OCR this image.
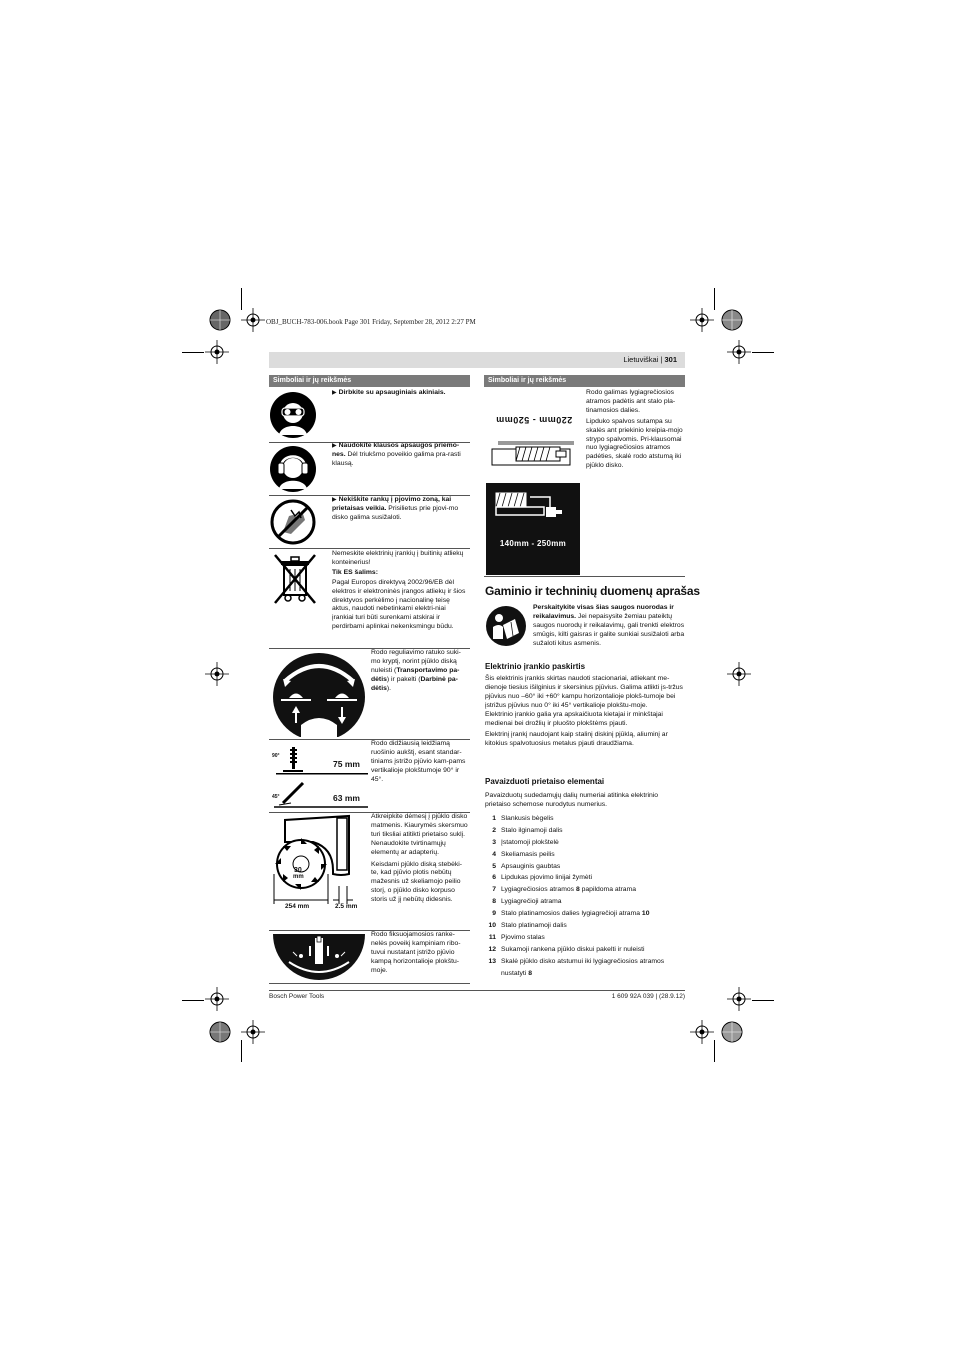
OBJ_BUCH-783-006.book Page 301 Friday, September 28, 2012 2:27 PM
Lietuviškai | 301
Simboliai ir jų reikšmės
▶ Dirbkite su apsauginiais akiniais.
▶ Naudokite klausos apsaugos priemo-nes. Dėl triukšmo poveikio galima pra-rasti klausą.
▶ Nekiškite rankų į pjovimo zoną, kai prietaisas veikia. Prisilietus prie pjovi-mo disko galima susižaloti.
Nemeskite elektrinių įrankių į buitinių atliekų konteinerius!
Tik ES šalims:
Pagal Europos direktyvą 2002/96/EB dėl elektros ir elektroninės įrangos atliekų ir šios direktyvos perkėlimo į nacionalinę teisę aktus, naudoti nebetinkami elektri-niai įrankiai turi būti surenkami atskirai ir perdirbami aplinkai nekenksmingu būdu.
Rodo reguliavimo ratuko suki-mo kryptį, norint pjūklo diską nuleisti (Transportavimo pa-dėtis) ir pakelti (Darbinė pa-dėtis).
90°
75 mm
45°	63 mm
Rodo didžiausią leidžiamą ruošinio aukštį, esant standar-tiniams įstrižo pjūvio kam-pams vertikalioje plokštumoje 90° ir 45°.
30
mm
254 mm	2.5 mm
Atkreipkite dėmesį į pjūklo disko matmenis. Kiaurymės skersmuo turi tiksliai atitikti prietaiso suklį. Nenaudokite tvirtinamųjų elementų ar adapterių.
Keisdami pjūklo diską stebėki-te, kad pjūvio plotis nebūtų mažesnis už skeliamojo peilio storį, o pjūklo disko korpuso storis už jį nebūtų didesnis.
Rodo fiksuojamosios ranke-nelės poveikį kampiniam ribo-tuvui nustatant įstrižo pjūvio kampą horizontalioje plokštu-moje.
Simboliai ir jų reikšmės
220mm - 520mm
140mm - 250mm
Rodo galimas lygiagrečiosios atramos padėtis ant stalo pla-tinamosios dalies.
Lipduko spalvos sutampa su skalės ant priekinio kreipia-mojo strypo spalvomis. Pri-klausomai nuo lygiagrečiosios atramos padėties, skalė rodo atstumą iki pjūklo disko.
Gaminio ir techninių duomenų aprašas
Perskaitykite visas šias saugos nuorodas ir reikalavimus. Jei nepaisysite žemiau pateiktų saugos nuorodų ir reikalavimų, gali trenkti elektros smūgis, kilti gaisras ir galite sunkiai susižaloti arba sužaloti kitus asmenis.
Elektrinio įrankio paskirtis
Šis elektrinis įrankis skirtas naudoti stacionariai, atliekant me-dienoje tiesius išilginius ir skersinius pjūvius. Galima atlikti įs-tržus pjūvius nuo –60° iki +60° kampu horizontalioje plokš-tumoje bei įstrižus pjūvius nuo 0° iki 45° vertikalioje plokštu-moje.
Elektrinio įrankio galia yra apskaičiuota kietajai ir minkštajai medienai bei drožlių ir pluošto plokštėms pjauti.
Elektrinį įrankį naudojant kaip stalinį diskinį pjūklą, aliuminį ar kitokius spalvotuosius metalus pjauti draudžiama.
Pavaizduoti prietaiso elementai
Pavaizduotų sudedamųjų dalių numeriai atitinka elektrinio prietaiso schemose nurodytus numerius.
1 Slankusis bėgelis
2 Stalo ilginamoji dalis
3 Įstatomoji plokštelė
4 Skeliamasis peilis
5 Apsauginis gaubtas
6 Lipdukas pjovimo linijai žymėti
7 Lygiagrečiosios atramos 8 papildoma atrama
8 Lygiagrečioji atrama
9 Stalo platinamosios dalies lygiagrečioji atrama 10
10 Stalo platinamoji dalis
11 Pjovimo stalas
12 Sukamoji rankena pjūklo diskui pakelti ir nuleisti
13 Skalė pjūklo disko atstumui iki lygiagrečiosios atramos
nustatyti 8
Bosch Power Tools	1 609 92A 039 | (28.9.12)
